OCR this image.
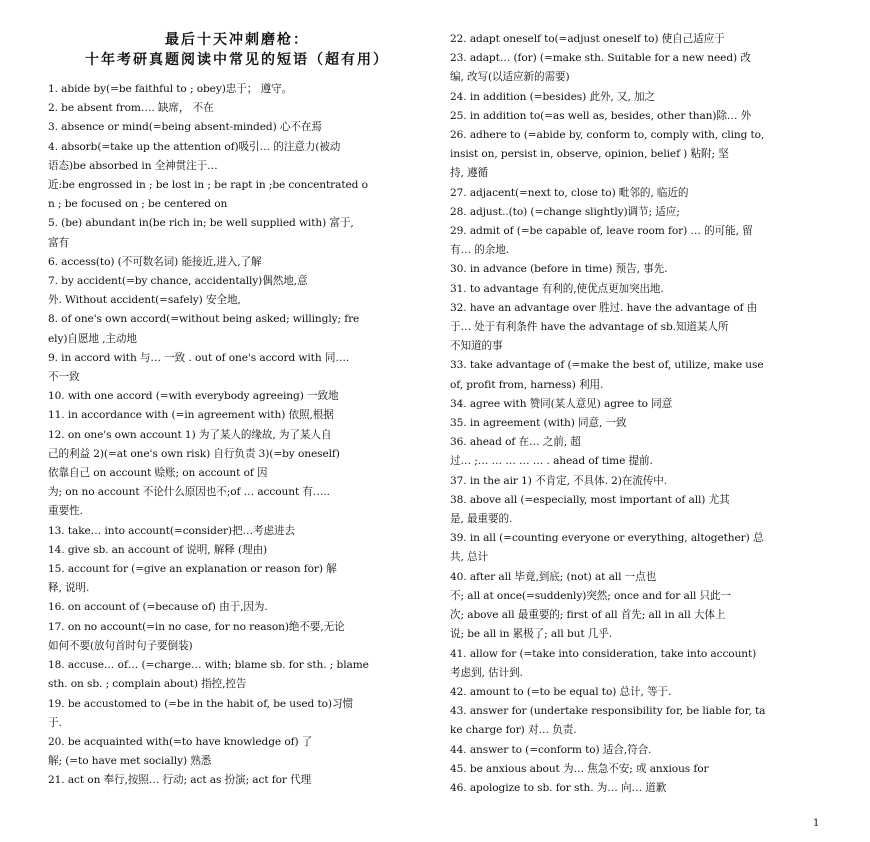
最后十天冲刺磨枪：
十年考研真题阅读中常见的短语（超有用）
1. abide by(=be faithful to ; obey)忠于； 遵守。
2. be absent from…. 缺席， 不在
3. absence or mind(=being absent-minded) 心不在焉
4. absorb(=take up the attention of)吸引… 的注意力(被动
语态)be absorbed in 全神贯注于…
近:be engrossed in ; be lost in ; be rapt in ;be concentrated o
n ; be focused on ; be centered on
5. (be) abundant in(be rich in; be well supplied with) 富于,
富有
6. access(to) (不可数名词) 能接近,进入,了解
7. by accident(=by chance, accidentally)偶然地,意
外. Without accident(=safely) 安全地,
8. of one's own accord(=without being asked; willingly; fre
ely)自愿地 ,主动地
9. in accord with 与… 一致 . out of one's accord with 同….
不一致
10. with one accord (=with everybody agreeing) 一致地
11. in accordance with (=in agreement with) 依照,根据
12. on one's own account 1) 为了某人的缘故, 为了某人自
己的利益 2)(=at one's own risk) 自行负责 3)(=by oneself)
依靠自己 on account 赊账; on account of 因
为; on no account 不论什么原因也不;of … account 有…..
重要性.
13. take… into account(=consider)把…考虑进去
14. give sb. an account of 说明, 解释 (理由)
15. account for (=give an explanation or reason for) 解
释, 说明.
16. on account of (=because of) 由于,因为.
17. on no account(=in no case, for no reason)绝不要,无论
如何不要(放句首时句子要倒装)
18. accuse… of… (=charge… with; blame sb. for sth. ; blame
sth. on sb. ; complain about) 指控,控告
19. be accustomed to (=be in the habit of, be used to)习惯
于.
20. be acquainted with(=to have knowledge of) 了
解; (=to have met socially) 熟悉
21. act on 奉行,按照… 行动; act as 扮演; act for 代理
22. adapt oneself to(=adjust oneself to) 使自己适应于
23. adapt… (for) (=make sth. Suitable for a new need) 改
编, 改写(以适应新的需要)
24. in addition (=besides) 此外, 又, 加之
25. in addition to(=as well as, besides, other than)除… 外
26. adhere to (=abide by, conform to, comply with, cling to,
insist on, persist in, observe, opinion, belief ) 粘附; 坚
持, 遵循
27. adjacent(=next to, close to) 毗邻的, 临近的
28. adjust..(to) (=change slightly)调节; 适应;
29. admit of (=be capable of, leave room for) … 的可能, 留
有… 的余地.
30. in advance (before in time) 预告, 事先.
31. to advantage 有利的,使优点更加突出地.
32. have an advantage over 胜过. have the advantage of 由
于… 处于有利条件 have the advantage of sb.知道某人所
不知道的事
33. take advantage of (=make the best of, utilize, make use
of, profit from, harness) 利用.
34. agree with 赞同(某人意见) agree to 同意
35. in agreement (with) 同意, 一致
36. ahead of 在… 之前, 超
过… ;… … … … … . ahead of time 提前.
37. in the air 1) 不肯定, 不具体. 2)在流传中.
38. above all (=especially, most important of all) 尤其
是, 最重要的.
39. in all (=counting everyone or everything, altogether) 总
共, 总计
40. after all 毕竟,到底; (not) at all 一点也
不; all at once(=suddenly)突然; once and for all 只此一
次; above all 最重要的; first of all 首先; all in all 大体上
说; be all in 累极了; all but 几乎.
41. allow for (=take into consideration, take into account)
考虑到, 估计到.
42. amount to (=to be equal to) 总计, 等于.
43. answer for (undertake responsibility for, be liable for, ta
ke charge for) 对… 负责.
44. answer to (=conform to) 适合,符合.
45. be anxious about 为… 焦急不安; 或 anxious for
46. apologize to sb. for sth. 为… 向… 道歉
1
